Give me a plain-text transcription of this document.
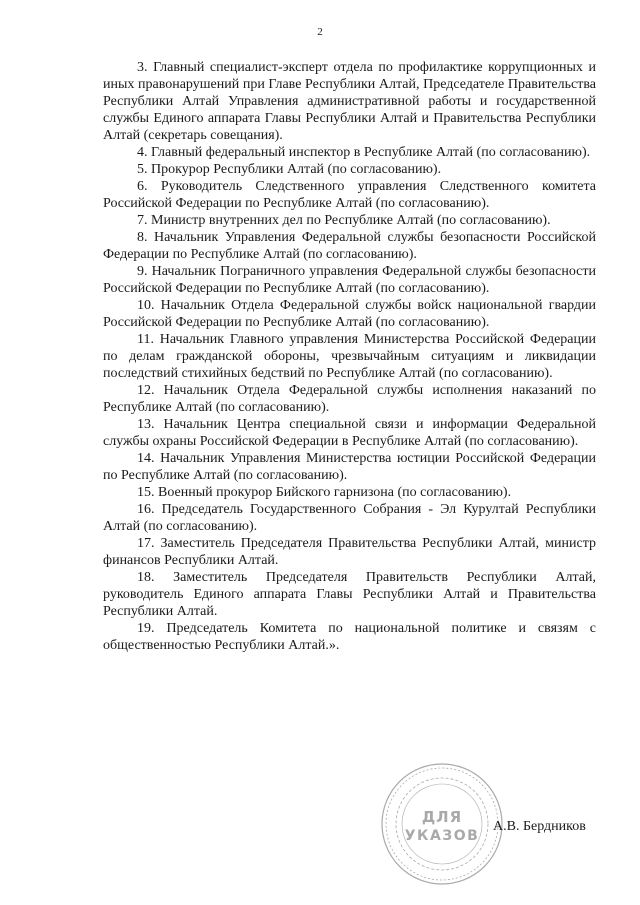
2

3. Главный специалист-эксперт отдела по профилактике коррупционных и иных правонарушений при Главе Республики Алтай, Председателе Правительства Республики Алтай Управления административной работы и государственной службы Единого аппарата Главы Республики Алтай и Правительства Республики Алтай (секретарь совещания).

4. Главный федеральный инспектор в Республике Алтай (по согласованию).

5. Прокурор Республики Алтай (по согласованию).

6. Руководитель Следственного управления Следственного комитета Российской Федерации по Республике Алтай (по согласованию).

7. Министр внутренних дел по Республике Алтай (по согласованию).

8. Начальник Управления Федеральной службы безопасности Российской Федерации по Республике Алтай (по согласованию).

9. Начальник Пограничного управления Федеральной службы безопасности Российской Федерации по Республике Алтай (по согласованию).

10. Начальник Отдела Федеральной службы войск национальной гвардии Российской Федерации по Республике Алтай (по согласованию).

11. Начальник Главного управления Министерства Российской Федерации по делам гражданской обороны, чрезвычайным ситуациям и ликвидации последствий стихийных бедствий по Республике Алтай (по согласованию).

12. Начальник Отдела Федеральной службы исполнения наказаний по Республике Алтай (по согласованию).

13. Начальник Центра специальной связи и информации Федеральной службы охраны Российской Федерации в Республике Алтай (по согласованию).

14. Начальник Управления Министерства юстиции Российской Федерации по Республике Алтай (по согласованию).

15. Военный прокурор Бийского гарнизона (по согласованию).

16. Председатель Государственного Собрания - Эл Курултай Республики Алтай (по согласованию).

17. Заместитель Председателя Правительства Республики Алтай, министр финансов Республики Алтай.

18. Заместитель Председателя Правительств Республики Алтай, руководитель Единого аппарата Главы Республики Алтай и Правительства Республики Алтай.

19. Председатель Комитета по национальной политике и связям с общественностью Республики Алтай.».

ДЛЯ
УКАЗОВ
А.В. Бердников
